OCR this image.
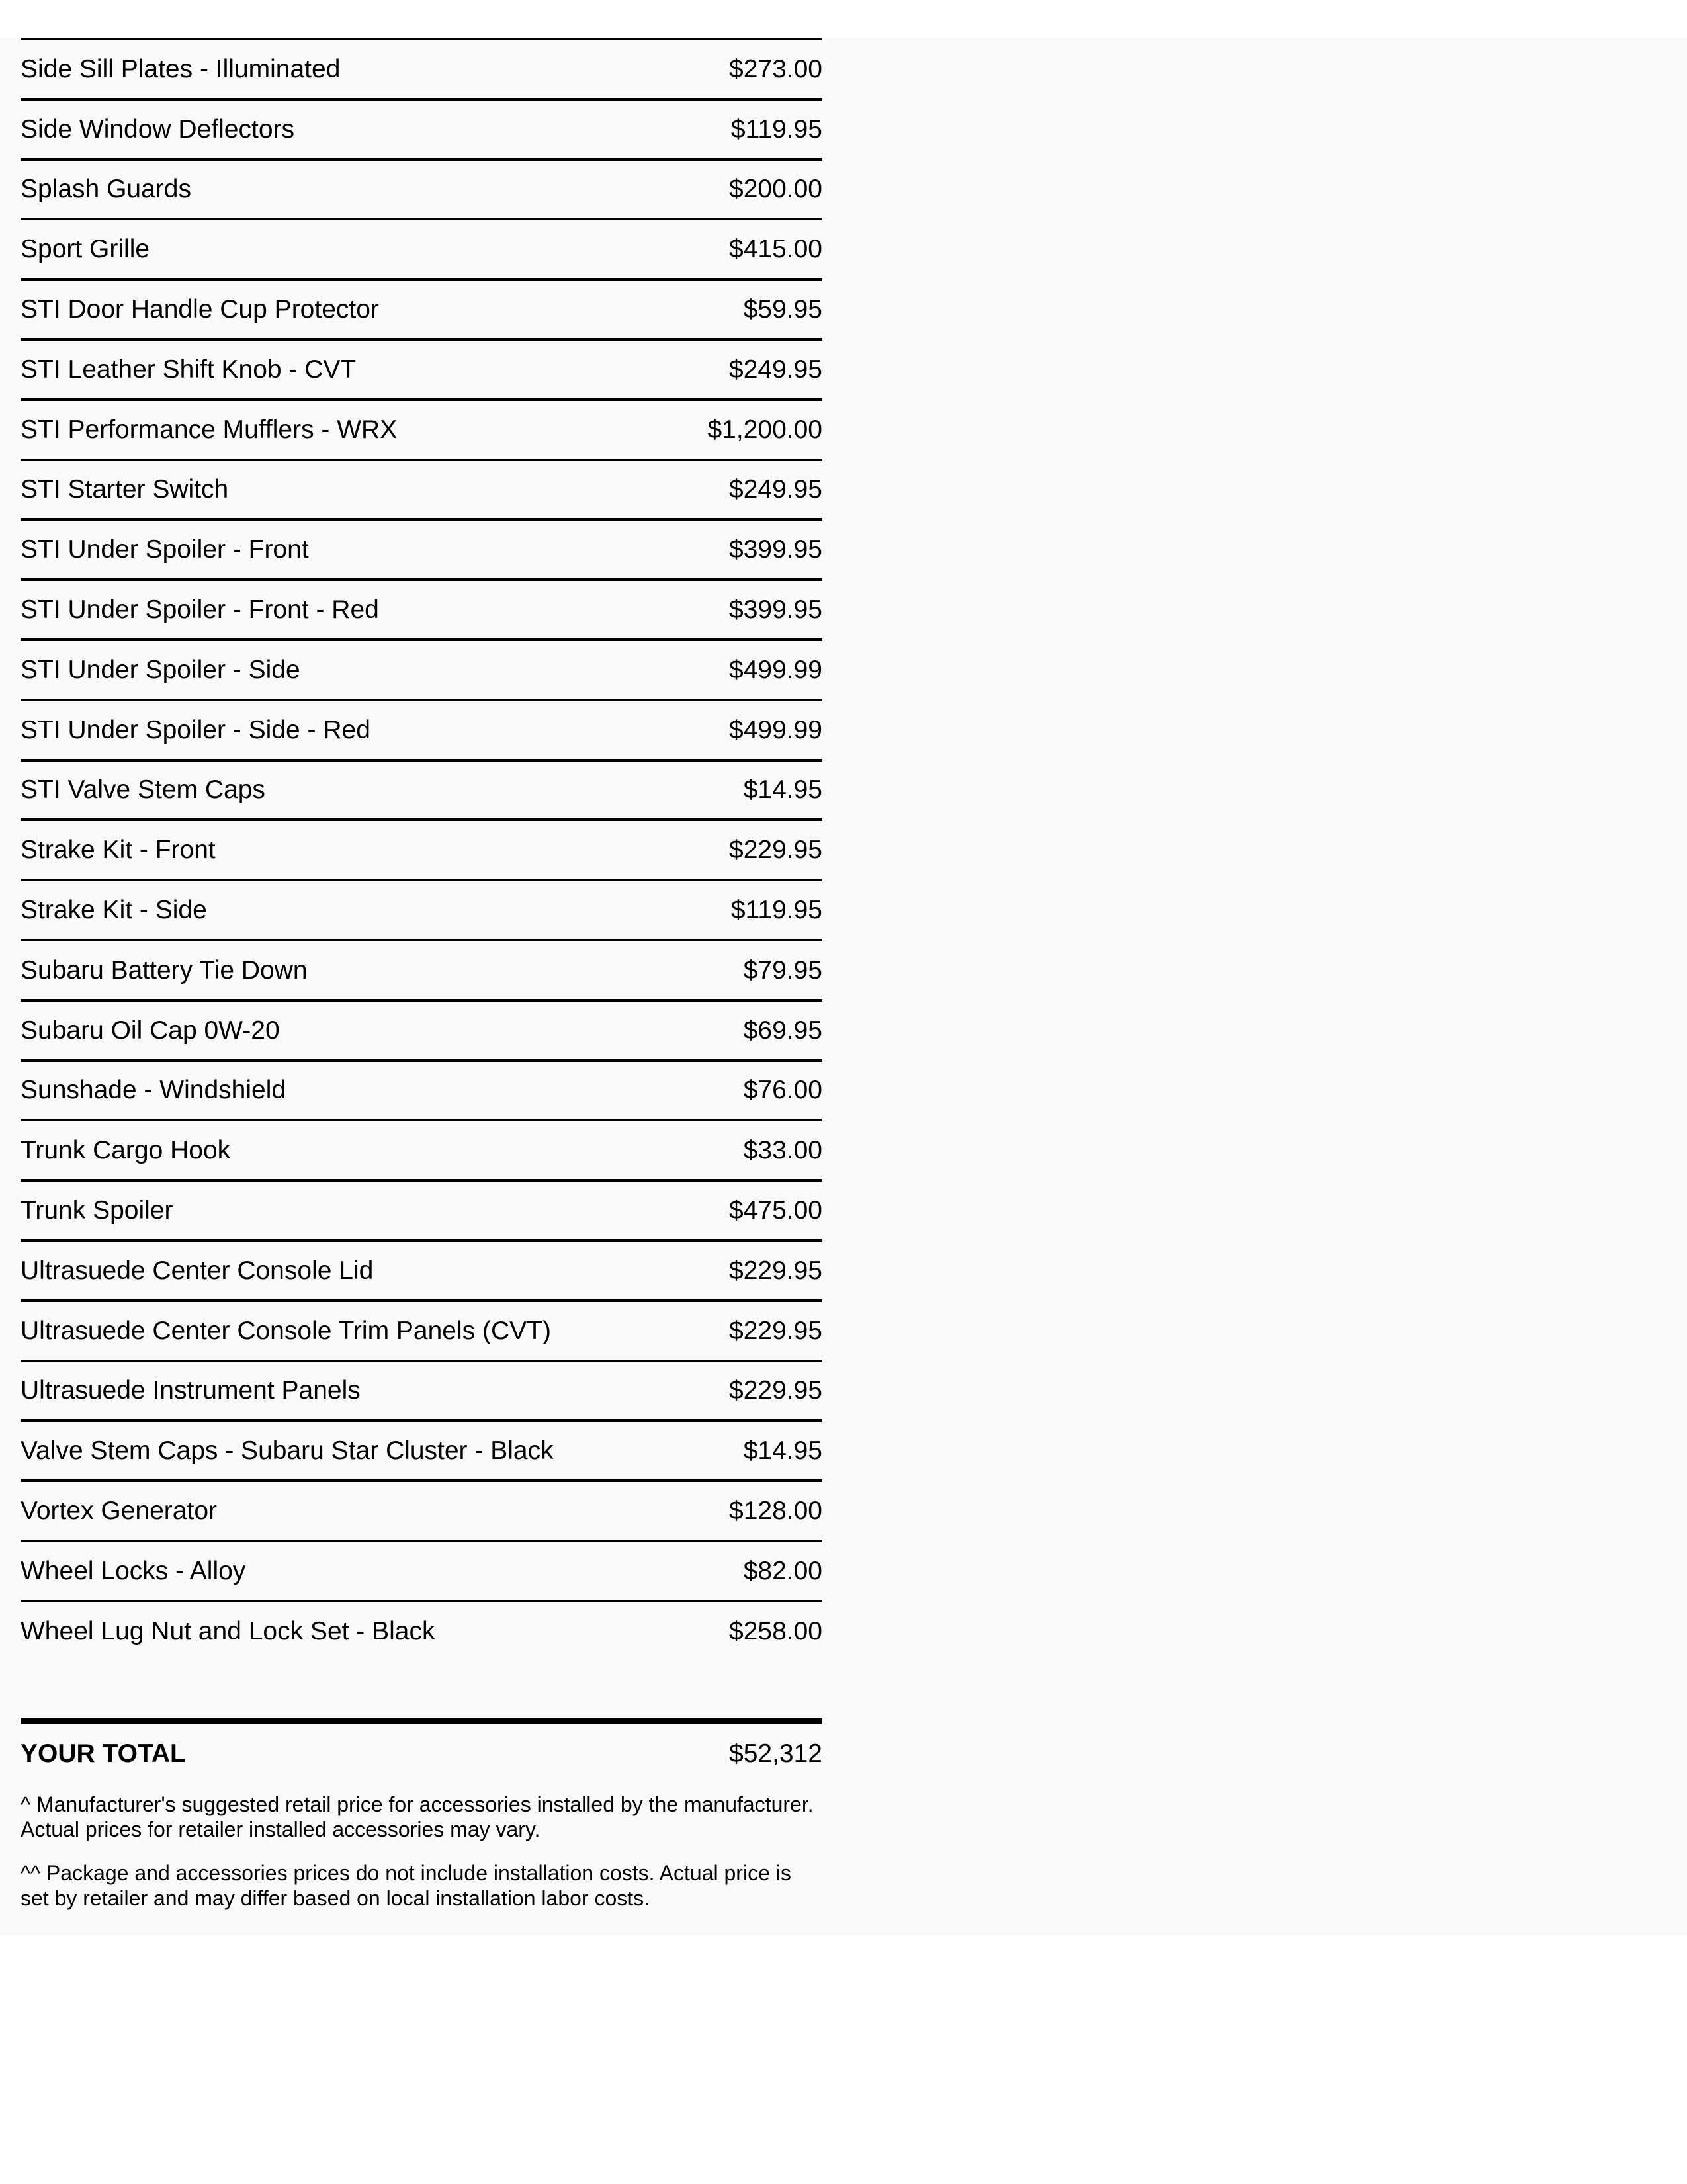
Side Sill Plates - Illuminated	$273.00
Side Window Deflectors	$119.95
Splash Guards	$200.00
Sport Grille	$415.00
STI Door Handle Cup Protector	$59.95
STI Leather Shift Knob - CVT	$249.95
STI Performance Mufflers - WRX	$1,200.00
STI Starter Switch	$249.95
STI Under Spoiler - Front	$399.95
STI Under Spoiler - Front - Red	$399.95
STI Under Spoiler - Side	$499.99
STI Under Spoiler - Side - Red	$499.99
STI Valve Stem Caps	$14.95
Strake Kit - Front	$229.95
Strake Kit - Side	$119.95
Subaru Battery Tie Down	$79.95
Subaru Oil Cap 0W-20	$69.95
Sunshade - Windshield	$76.00
Trunk Cargo Hook	$33.00
Trunk Spoiler	$475.00
Ultrasuede Center Console Lid	$229.95
Ultrasuede Center Console Trim Panels (CVT)	$229.95
Ultrasuede Instrument Panels	$229.95
Valve Stem Caps - Subaru Star Cluster - Black	$14.95
Vortex Generator	$128.00
Wheel Locks - Alloy	$82.00
Wheel Lug Nut and Lock Set - Black	$258.00
YOUR TOTAL	$52,312

^ Manufacturer's suggested retail price for accessories installed by the manufacturer. Actual prices for retailer installed accessories may vary.

^^ Package and accessories prices do not include installation costs. Actual price is set by retailer and may differ based on local installation labor costs.
